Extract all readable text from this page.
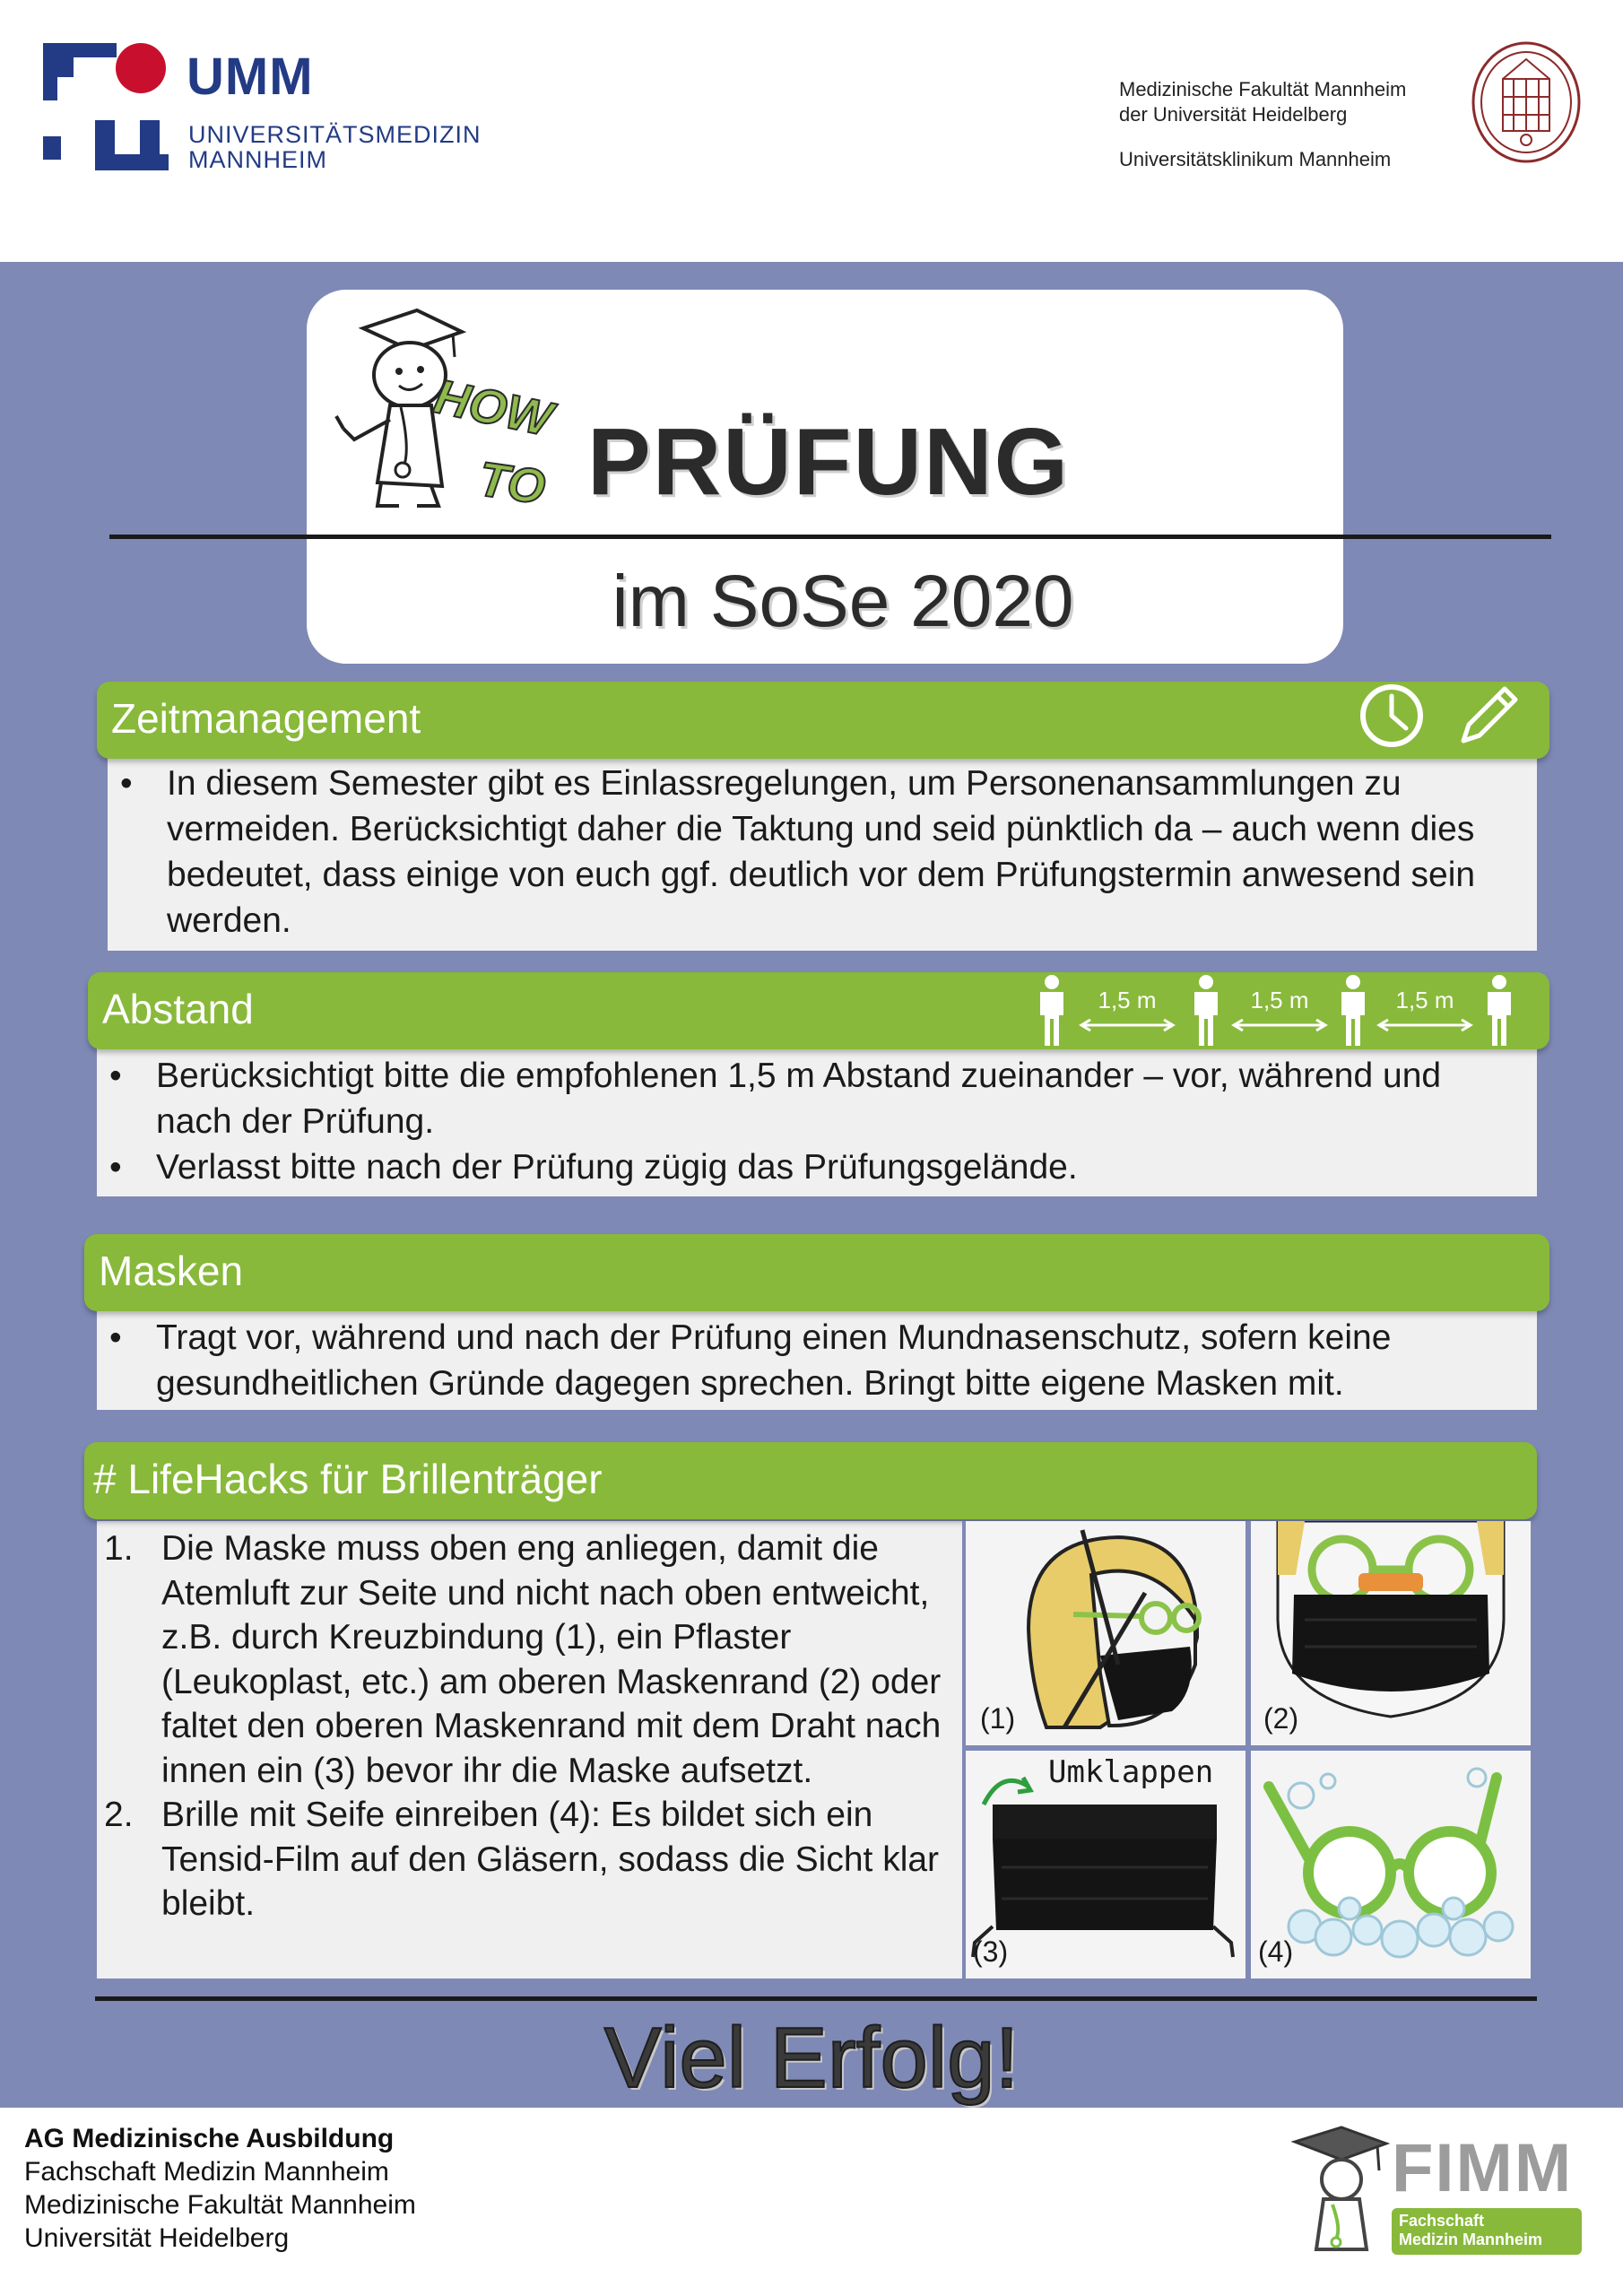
UMM
UNIVERSITÄTSMEDIZIN
MANNHEIM
Medizinische Fakultät Mannheim
der Universität Heidelberg
Universitätsklinikum Mannheim
HOW
TO PRÜFUNG
im SoSe 2020
• In diesem Semester gibt es Einlassregelungen, um Personenansammlungen zu vermeiden. Berücksichtigt daher die Taktung und seid pünktlich da – auch wenn dies bedeutet, dass einige von euch ggf. deutlich vor dem Prüfungstermin anwesend sein werden.
Zeitmanagement
• Berücksichtigt bitte die empfohlenen 1,5 m Abstand zueinander – vor, während und nach der Prüfung.
• Verlasst bitte nach der Prüfung zügig das Prüfungsgelände.
Abstand	1,5 m	1,5 m	1,5 m
• Tragt vor, während und nach der Prüfung einen Mundnasenschutz, sofern keine gesundheitlichen Gründe dagegen sprechen. Bringt bitte eigene Masken mit.
Masken
1. Die Maske muss oben eng anliegen, damit die Atemluft zur Seite und nicht nach oben entweicht, z.B. durch Kreuzbindung (1), ein Pflaster (Leukoplast, etc.) am oberen Maskenrand (2) oder faltet den oberen Maskenrand mit dem Draht nach innen ein (3) bevor ihr die Maske aufsetzt.
2. Brille mit Seife einreiben (4): Es bildet sich ein Tensid-Film auf den Gläsern, sodass die Sicht klar bleibt.
# LifeHacks für Brillenträger
(1)	(2)
Umklappen
(3)	(4)
Viel Erfolg!
AG Medizinische Ausbildung
Fachschaft Medizin Mannheim
Medizinische Fakultät Mannheim
Universität Heidelberg
FIMM
Fachschaft
Medizin Mannheim
